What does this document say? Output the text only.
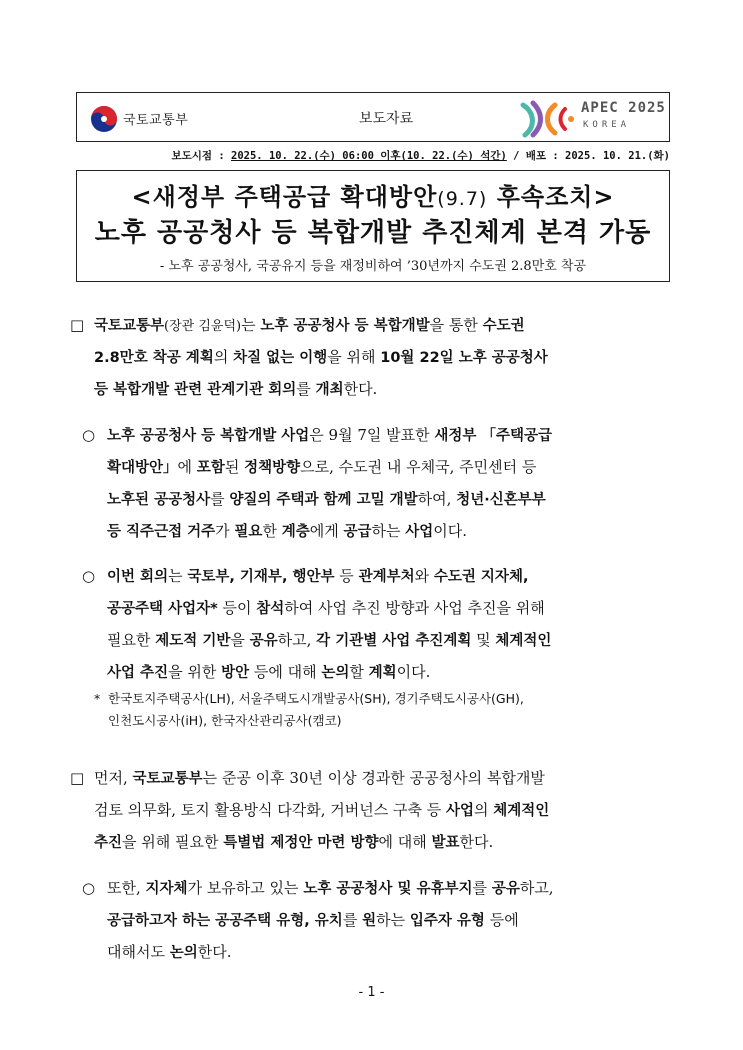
국토교통부	보도자료
APEC 2025
KOREA
보도시점 : 2025. 10. 22.(수) 06:00 이후(10. 22.(수) 석간) / 배포 : 2025. 10. 21.(화)
<새정부 주택공급 확대방안(9.7) 후속조치>
노후 공공청사 등 복합개발 추진체계 본격 가동
- 노후 공공청사, 국공유지 등을 재정비하여 ’30년까지 수도권 2.8만호 착공
□ 국토교통부(장관 김윤덕)는 노후 공공청사 등 복합개발을 통한 수도권
2.8만호 착공 계획의 차질 없는 이행을 위해 10월 22일 노후 공공청사
등 복합개발 관련 관계기관 회의를 개최한다.
○ 노후 공공청사 등 복합개발 사업은 9월 7일 발표한 새정부 「주택공급
확대방안」에 포함된 정책방향으로, 수도권 내 우체국, 주민센터 등
노후된 공공청사를 양질의 주택과 함께 고밀 개발하여, 청년·신혼부부
등 직주근접 거주가 필요한 계층에게 공급하는 사업이다.
○ 이번 회의는 국토부, 기재부, 행안부 등 관계부처와 수도권 지자체,
공공주택 사업자* 등이 참석하여 사업 추진 방향과 사업 추진을 위해
필요한 제도적 기반을 공유하고, 각 기관별 사업 추진계획 및 체계적인
사업 추진을 위한 방안 등에 대해 논의할 계획이다.
* 한국토지주택공사(LH), 서울주택도시개발공사(SH), 경기주택도시공사(GH),
인천도시공사(iH), 한국자산관리공사(캠코)
□ 먼저, 국토교통부는 준공 이후 30년 이상 경과한 공공청사의 복합개발
검토 의무화, 토지 활용방식 다각화, 거버넌스 구축 등 사업의 체계적인
추진을 위해 필요한 특별법 제정안 마련 방향에 대해 발표한다.
○ 또한, 지자체가 보유하고 있는 노후 공공청사 및 유휴부지를 공유하고,
공급하고자 하는 공공주택 유형, 유치를 원하는 입주자 유형 등에
대해서도 논의한다.
- 1 -
